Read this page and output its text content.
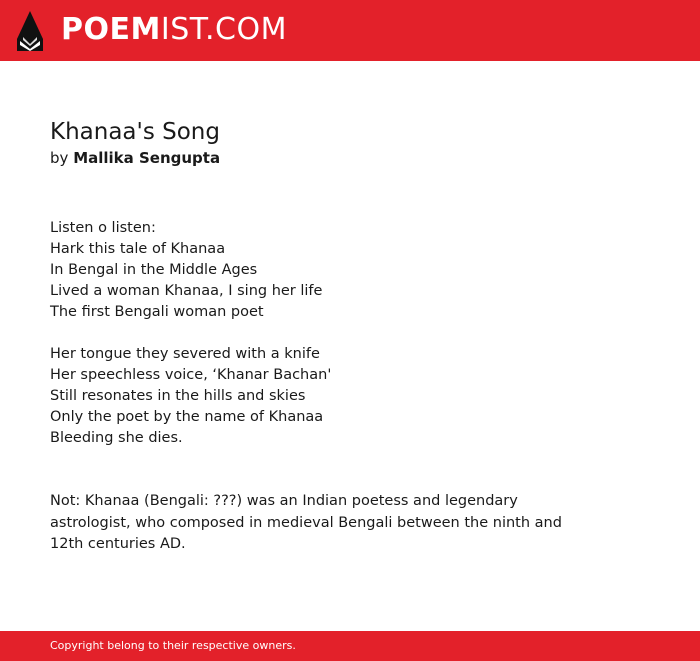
POEMIST.COM
Khanaa's Song
by Mallika Sengupta
Listen o listen:
Hark this tale of Khanaa
In Bengal in the Middle Ages
Lived a woman Khanaa, I sing her life
The first Bengali woman poet
Her tongue they severed with a knife
Her speechless voice, ‘Khanar Bachan'
Still resonates in the hills and skies
Only the poet by the name of Khanaa
Bleeding she dies.

Not: Khanaa (Bengali: ???) was an Indian poetess and legendary astrologist, who composed in medieval Bengali between the ninth and 12th centuries AD.

Copyright belong to their respective owners.
